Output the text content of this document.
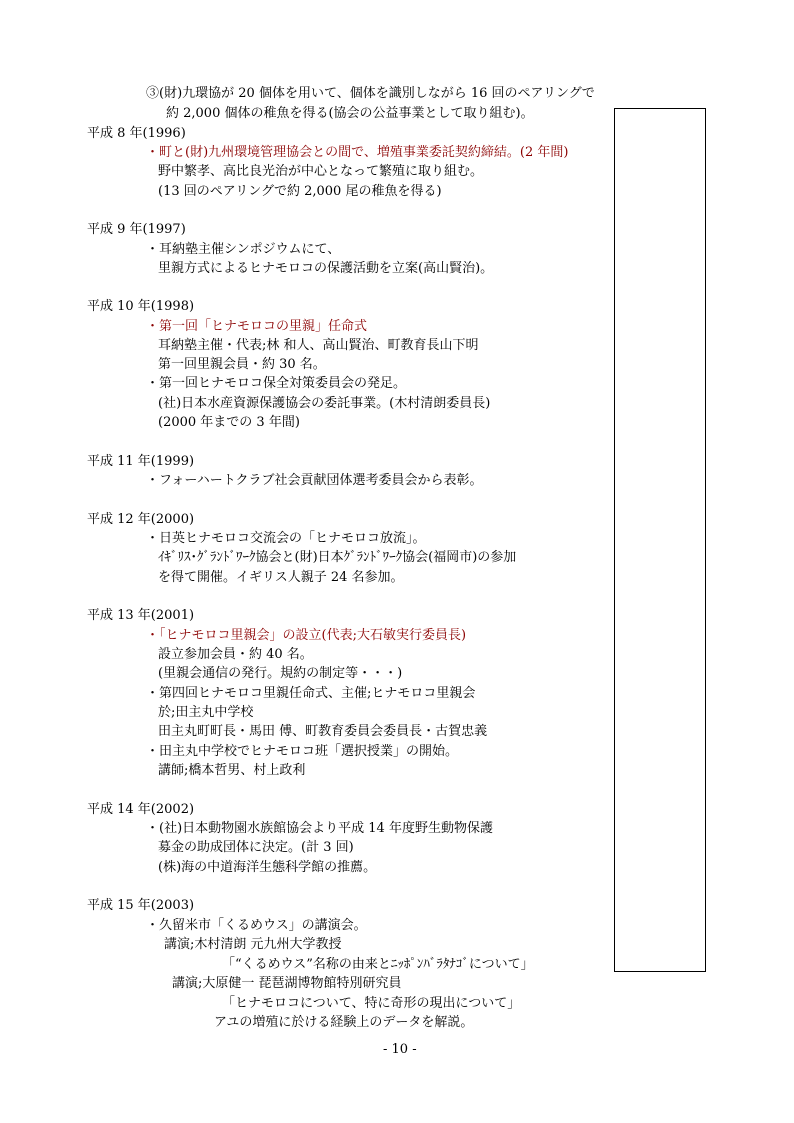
③(財)九環協が 20 個体を用いて、個体を識別しながら 16 回のペアリングで
約 2,000 個体の稚魚を得る(協会の公益事業として取り組む)。
平成 8 年(1996)
・町と(財)九州環境管理協会との間で、増殖事業委託契約締結。(2 年間)
野中繁孝、高比良光治が中心となって繁殖に取り組む。
(13 回のペアリングで約 2,000 尾の稚魚を得る)
平成 9 年(1997)
・耳納塾主催シンポジウムにて、
里親方式によるヒナモロコの保護活動を立案(高山賢治)。
平成 10 年(1998)
・第一回「ヒナモロコの里親」任命式
耳納塾主催・代表;林 和人、高山賢治、町教育長山下明
第一回里親会員・約 30 名。
・第一回ヒナモロコ保全対策委員会の発足。
(社)日本水産資源保護協会の委託事業。(木村清朗委員長)
(2000 年までの 3 年間)
平成 11 年(1999)
・フォーハートクラブ社会貢献団体選考委員会から表彰。
平成 12 年(2000)
・日英ヒナモロコ交流会の「ヒナモロコ放流」。
ｲｷﾞﾘｽ･ｸﾞﾗﾝﾄﾞﾜｰｸ協会と(財)日本ｸﾞﾗﾝﾄﾞﾜｰｸ協会(福岡市)の参加
を得て開催。イギリス人親子 24 名参加。
平成 13 年(2001)
・「ヒナモロコ里親会」の設立(代表;大石敏実行委員長)
設立参加会員・約 40 名。
(里親会通信の発行。規約の制定等・・・)
・第四回ヒナモロコ里親任命式、主催;ヒナモロコ里親会
於;田主丸中学校
田主丸町町長・馬田 傅、町教育委員会委員長・古賀忠義
・田主丸中学校でヒナモロコ班「選択授業」の開始。
講師;橋本哲男、村上政利
平成 14 年(2002)
・(社)日本動物園水族館協会より平成 14 年度野生動物保護
募金の助成団体に決定。(計 3 回)
(株)海の中道海洋生態科学館の推薦。
平成 15 年(2003)
・久留米市「くるめウス」の講演会。
講演;木村清朗 元九州大学教授
「“くるめウス”名称の由来とﾆｯﾎﾟﾝﾊﾞﾗﾀﾅｺﾞについて」
講演;大原健一 琵琶湖博物館特別研究員
「ヒナモロコについて、特に奇形の現出について」
アユの増殖に於ける経験上のデータを解説。
- 10 -
